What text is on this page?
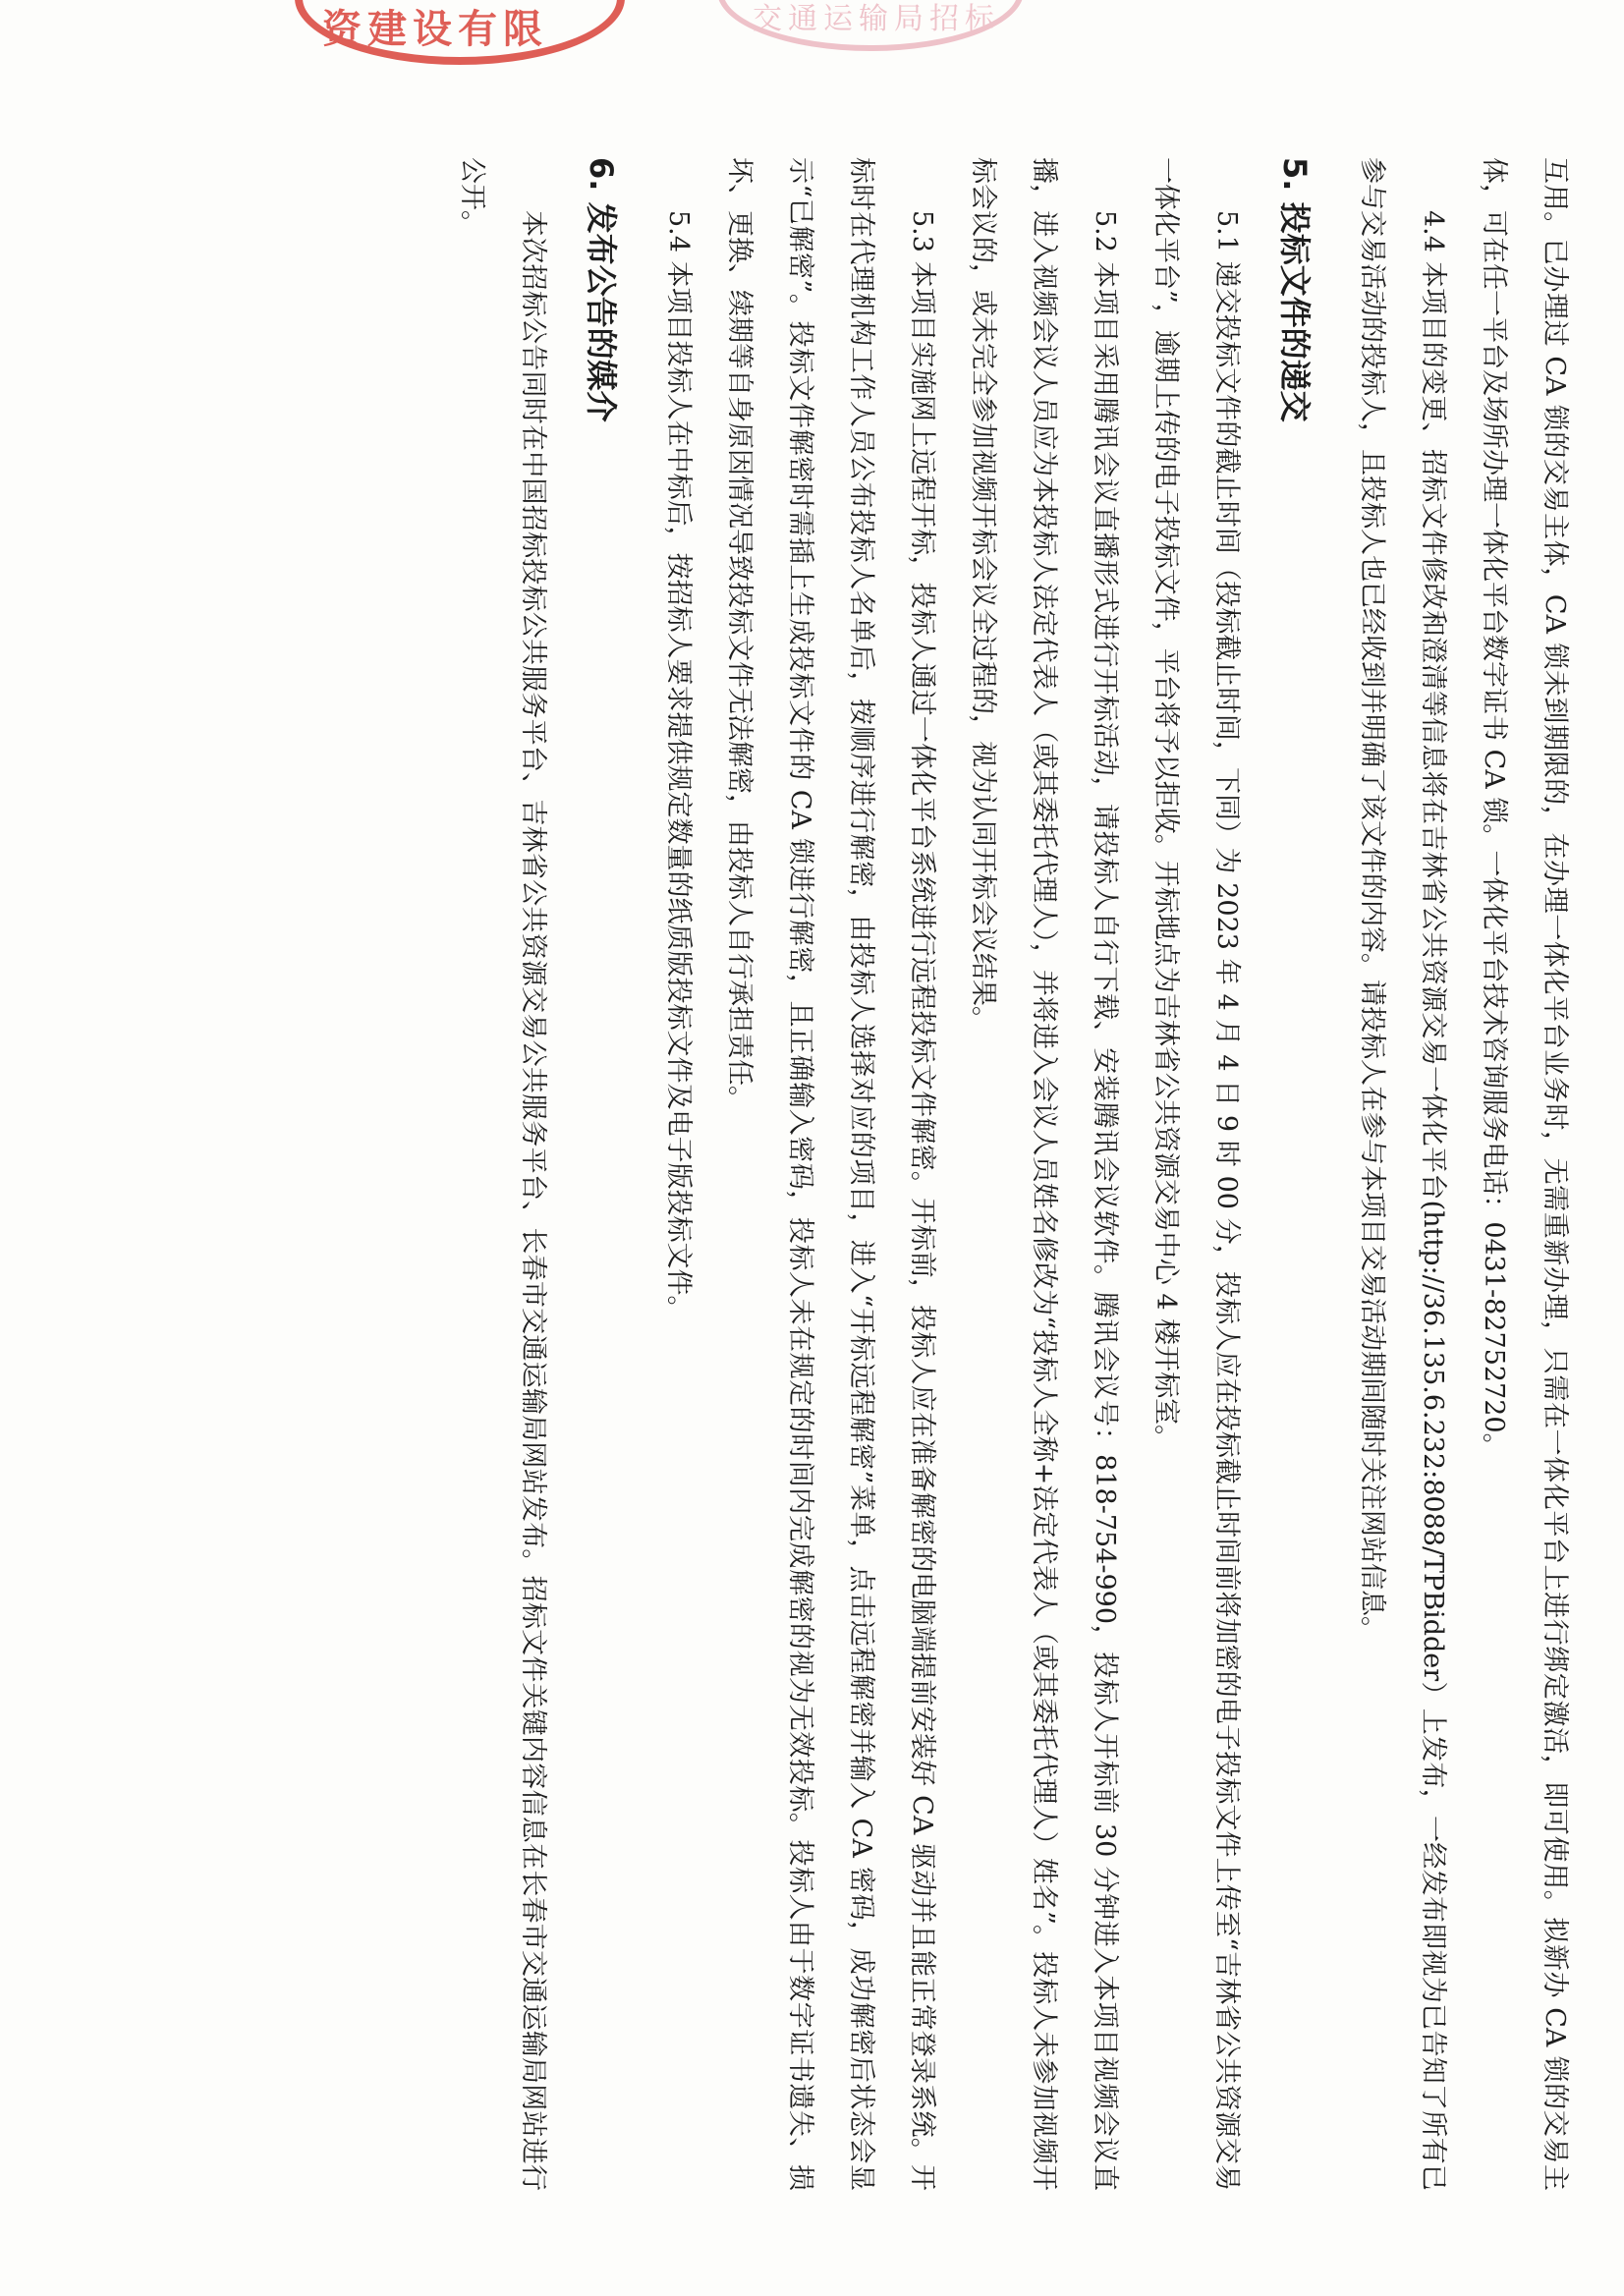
资建设有限	交通运输局招标

互用。已办理过 CA 锁的交易主体，CA 锁未到期限的，在办理一体化平台业务时，无需重新办理，只需在一体化平台上进行绑定激活，即可使用。拟新办 CA 锁的交易主体，可在任一平台及场所办理一体化平台数字证书 CA 锁。一体化平台技术咨询服务电话：0431-82752720。

4.4 本项目的变更、招标文件修改和澄清等信息将在吉林省公共资源交易一体化平台(http://36.135.6.232:8088/TPBidder）上发布，一经发布即视为已告知了所有已参与交易活动的投标人，且投标人也已经收到并明确了该文件的内容。请投标人在参与本项目交易活动期间随时关注网站信息。

5. 投标文件的递交

5.1 递交投标文件的截止时间（投标截止时间，下同）为 2023 年 4 月 4 日 9 时 00 分，投标人应在投标截止时间前将加密的电子投标文件上传至“吉林省公共资源交易一体化平台”，逾期上传的电子投标文件，平台将予以拒收。开标地点为吉林省公共资源交易中心 4 楼开标室。

5.2 本项目采用腾讯会议直播形式进行开标活动，请投标人自行下载、安装腾讯会议软件。腾讯会议号：818-754-990，投标人开标前 30 分钟进入本项目视频会议直播，进入视频会议人员应为本投标人法定代表人（或其委托代理人），并将进入会议人员姓名修改为“投标人全称+法定代表人（或其委托代理人）姓名”。投标人未参加视频开标会议的，或未完全参加视频开标会议全过程的，视为认同开标会议结果。

5.3 本项目实施网上远程开标，投标人通过一体化平台系统进行远程投标文件解密。开标前，投标人应在准备解密的电脑端提前安装好 CA 驱动并且能正常登录系统。开标时在代理机构工作人员公布投标人名单后，按顺序进行解密，由投标人选择对应的项目，进入“开标远程解密”菜单，点击远程解密并输入 CA 密码，成功解密后状态会显示“已解密”。投标文件解密时需插上生成投标文件的 CA 锁进行解密，且正确输入密码，投标人未在规定的时间内完成解密的视为无效投标。投标人由于数字证书遗失、损坏、更换、续期等自身原因情况导致投标文件无法解密，由投标人自行承担责任。

5.4 本项目投标人在中标后，按招标人要求提供规定数量的纸质版投标文件及电子版投标文件。

6. 发布公告的媒介

本次招标公告同时在中国招标投标公共服务平台、吉林省公共资源交易公共服务平台、长春市交通运输局网站发布。招标文件关键内容信息在长春市交通运输局网站进行公开。
